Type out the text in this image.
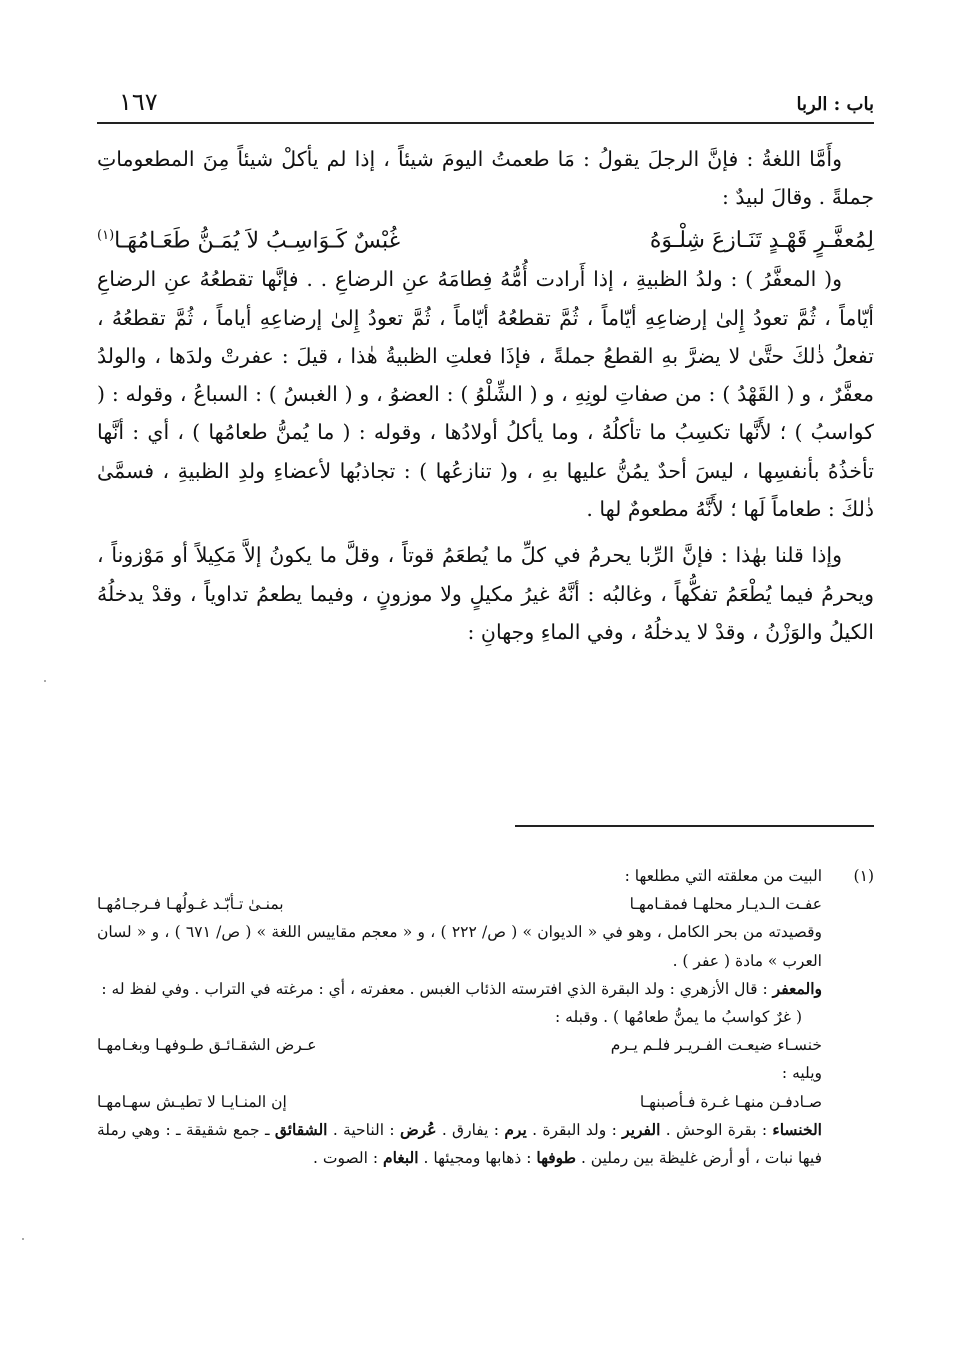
باب : الربا
١٦٧

وأَمَّا اللغةُ : فإنَّ الرجلَ يقولُ : مَا طعمتُ اليومَ شيئاً ، إذا لم يأكلْ شيئاً مِنَ المطعوماتِ جملةً . وقالَ لبيدٌ :

لِمُعفَّـرٍ قَهْـدٍ تَنَـازعَ شِلْـوَهُ
غُبْسٌ كَـوَاسِـبُ لاَ يُمَـنُّ طَعَـامُهَـا$^{(١)}$

و( المعفَّرُ ) : ولدُ الظبيةِ ، إذا أَرادت أُمُّهُ فِطامَهُ عنِ الرضاعِ . . فإنَّها تقطعُهُ عنِ الرضاعِ أيّاماً ، ثُمَّ تعودُ إِلىٰ إرضاعِهِ أيّاماً ، ثُمَّ تقطعُهُ أيّاماً ، ثُمَّ تعودُ إِلىٰ إرضاعِهِ أياماً ، ثُمَّ تقطعُهُ ، تفعلُ ذٰلكَ حتَّىٰ لا يضرَّ بهِ القطعُ جملةً ، فإذَا فعلتِ الظبيةُ هٰذا ، قيلَ : عفرتْ ولدَها ، والولدُ معفَّرٌ ، و ( القَهْدُ ) : من صفاتِ لونِهِ ، و ( الشِّلْوُ ) : العضوُ ، و ( الغبسُ ) : السباعُ ، وقوله : ( كواسبُ ) ؛ لأَنَّها تكسِبُ ما تأكلُهُ ، وما يأكلُ أولادُها ، وقوله : ( ما يُمنُّ طعامُها ) ، أي : أنَّها تأخذُهُ بأنفسِها ، ليسَ أحدٌ يمُنُّ عليها بهِ ، و( تنازعُها ) : تجاذبُها لأعضاءِ ولدِ الظبيةِ ، فسمَّىٰ ذٰلكَ : طعاماً لَها ؛ لأَنَّهُ مطعومٌ لها .

وإذا قلنا بهٰذا : فإنَّ الرِّبا يحرمُ في كلِّ ما يُطعَمُ قوتاً ، وقلَّ ما يكونُ إلاَّ مَكِيلاً أو مَوْزوناً ، ويحرمُ فيما يُطْعَمُ تفكُّهاً ، وغالبُه : أنَّهُ غيرُ مكيلٍ ولا موزونٍ ، وفيما يطعمُ تداوياً ، وقدْ يدخلُهُ الكيلُ والوَزْنُ ، وقدْ لا يدخلُهُ ، وفي الماءِ وجهانِ :

(١)
البيت من معلقته التي مطلعها :
عفـت الـديـار محلهـا فمقـامهـا
بمنـىٰ تـأبّـد غـولُهـا فـرجـامُهـا

وقصيدته من بحر الكامل ، وهو في « الديوان » ( ص/ ٢٢٢ ) ، و « معجم مقاييس اللغة » ( ص/ ٦٧١ ) ، و « لسان العرب » مادة ( عفر ) .

والمعفر : قال الأزهري : ولد البقرة الذي افترسته الذئاب الغبس . معفرته ، أي : مرغته في التراب . وفي لفظ له :

( غرٌ كواسبُ ما يمنُّ طعامُها ) . وقبله :

خنسـاء ضيعـت الفـريـر فلـم يـرم
عـرض الشقـائـق طـوفهـا وبغـامهـا

ويليه :

صـادفـن منهـا غـرة فـأصبنهـا
إن المنـايـا لا تطيـش سهـامهـا

الخنساء : بقرة الوحش . الفرير : ولد البقرة . يرم : يفارق . عُرض : الناحية . الشقائق ـ جمع شقيقة ـ : وهي رملة فيها نبات ، أو أرض غليظة بين رملين . طوفها : ذهابها ومجيئها . البغام : الصوت .
